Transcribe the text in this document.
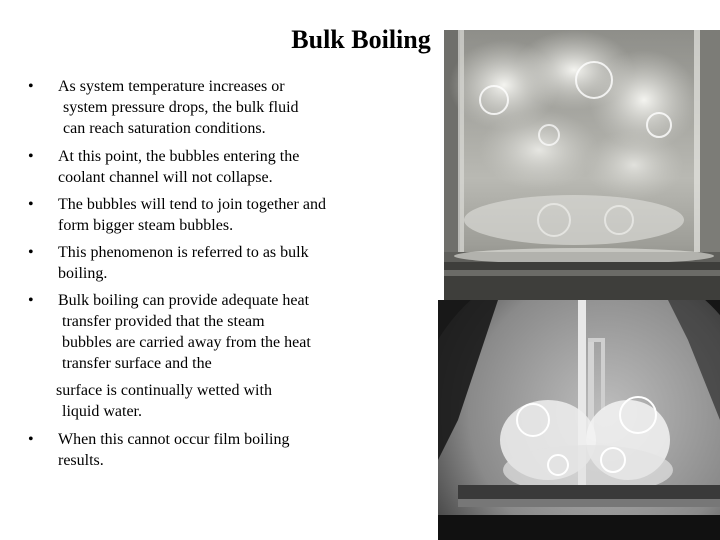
Bulk Boiling
• As system temperature increases or
system pressure drops, the bulk fluid
can reach saturation conditions.
• At this point, the bubbles entering the
coolant channel will not collapse.
• The bubbles will tend to join together and
form bigger steam bubbles.
• This phenomenon is referred to as bulk
boiling.
• Bulk boiling can provide adequate heat
transfer provided that the steam
bubbles are carried away from the heat
transfer surface and the
surface is continually wetted with
liquid water.
• When this cannot occur film boiling
results.
